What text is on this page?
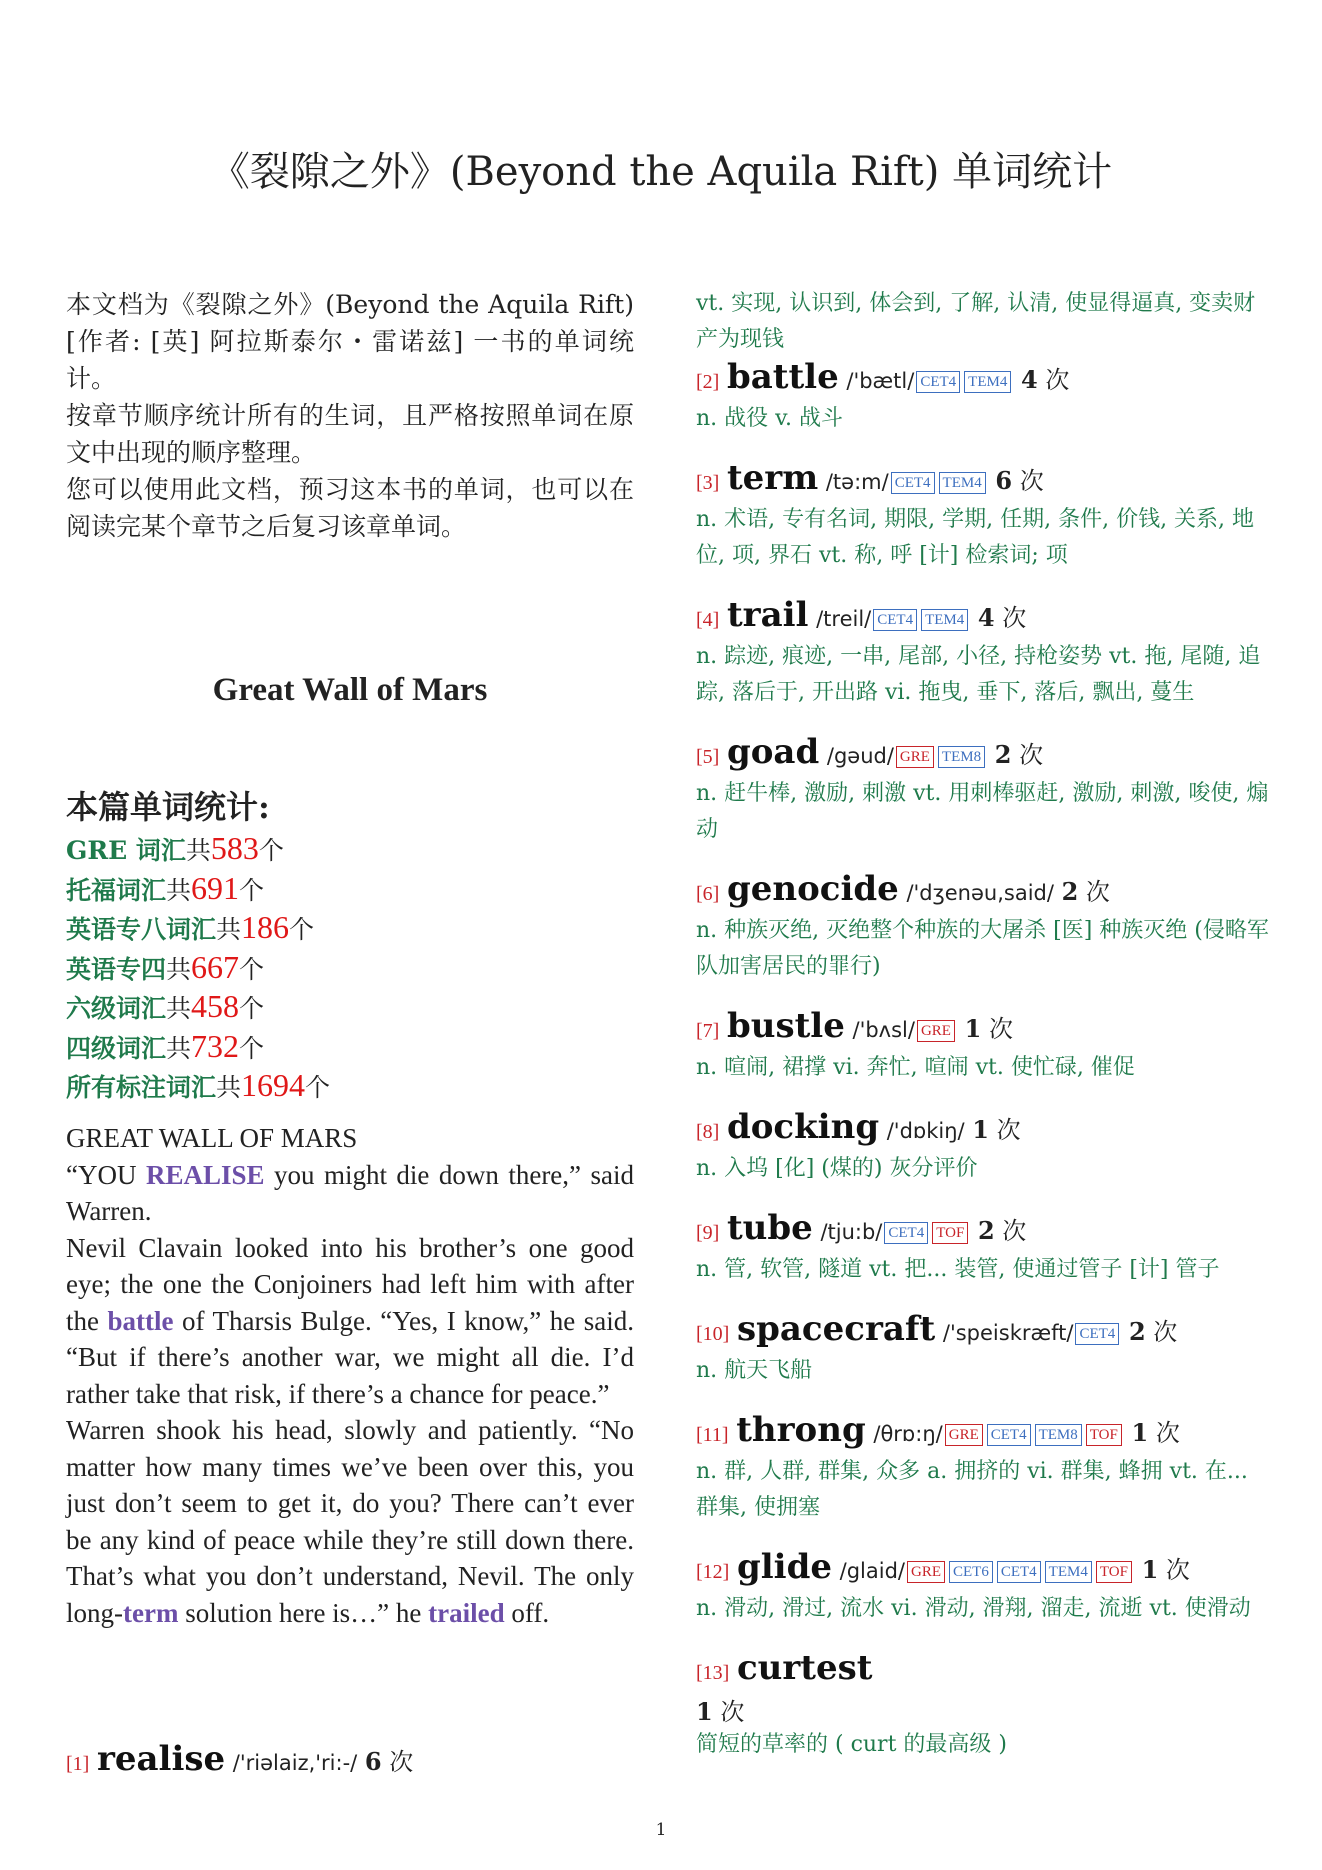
《裂隙之外》(Beyond the Aquila Rift) 单词统计

本文档为《裂隙之外》(Beyond the Aquila Rift)[作者: [英] 阿拉斯泰尔・雷诺兹] 一书的单词统计。

按章节顺序统计所有的生词，且严格按照单词在原文中出现的顺序整理。

您可以使用此文档，预习这本书的单词，也可以在阅读完某个章节之后复习该章单词。

Great Wall of Mars
本篇单词统计:
GRE 词汇共583个
托福词汇共691个
英语专八词汇共186个
英语专四共667个
六级词汇共458个
四级词汇共732个
所有标注词汇共1694个

GREAT WALL OF MARS

“YOU REALISE you might die down there,” said Warren.

Nevil Clavain looked into his brother’s one good eye; the one the Conjoiners had left him with after the battle of Tharsis Bulge. “Yes, I know,” he said. “But if there’s another war, we might all die. I’d rather take that risk, if there’s a chance for peace.”

Warren shook his head, slowly and patiently. “No matter how many times we’ve been over this, you just don’t seem to get it, do you? There can’t ever be any kind of peace while they’re still down there. That’s what you don’t understand, Nevil. The only long-term solution here is…” he trailed off.

[1] realise /'riəlaiz,'ri:-/ 6 次

vt. 实现, 认识到, 体会到, 了解, 认清, 使显得逼真, 变卖财产为现钱

[2] battle /'bætl/ CET4 TEM4 4 次

n. 战役 v. 战斗

[3] term /tə:m/ CET4 TEM4 6 次

n. 术语, 专有名词, 期限, 学期, 任期, 条件, 价钱, 关系, 地位, 项, 界石 vt. 称, 呼 [计] 检索词; 项

[4] trail /treil/ CET4 TEM4 4 次

n. 踪迹, 痕迹, 一串, 尾部, 小径, 持枪姿势 vt. 拖, 尾随, 追踪, 落后于, 开出路 vi. 拖曳, 垂下, 落后, 飘出, 蔓生

[5] goad /gəud/ GRE TEM8 2 次

n. 赶牛棒, 激励, 刺激 vt. 用刺棒驱赶, 激励, 刺激, 唆使, 煽动

[6] genocide /'dʒenəu,said/ 2 次

n. 种族灭绝, 灭绝整个种族的大屠杀 [医] 种族灭绝 (侵略军队加害居民的罪行)

[7] bustle /'bʌsl/ GRE 1 次

n. 喧闹, 裙撑 vi. 奔忙, 喧闹 vt. 使忙碌, 催促

[8] docking /'dɒkiŋ/ 1 次

n. 入坞 [化] (煤的) 灰分评价

[9] tube /tju:b/ CET4 TOF 2 次

n. 管, 软管, 隧道 vt. 把... 装管, 使通过管子 [计] 管子

[10] spacecraft /'speiskræft/ CET4 2 次

n. 航天飞船

[11] throng /θrɒ:ŋ/ GRE CET4 TEM8 TOF 1 次

n. 群, 人群, 群集, 众多 a. 拥挤的 vi. 群集, 蜂拥 vt. 在... 群集, 使拥塞

[12] glide /glaid/ GRE CET6 CET4 TEM4 TOF 1 次

n. 滑动, 滑过, 流水 vi. 滑动, 滑翔, 溜走, 流逝 vt. 使滑动

[13] curtest
1 次

简短的草率的 ( curt 的最高级 )

1
